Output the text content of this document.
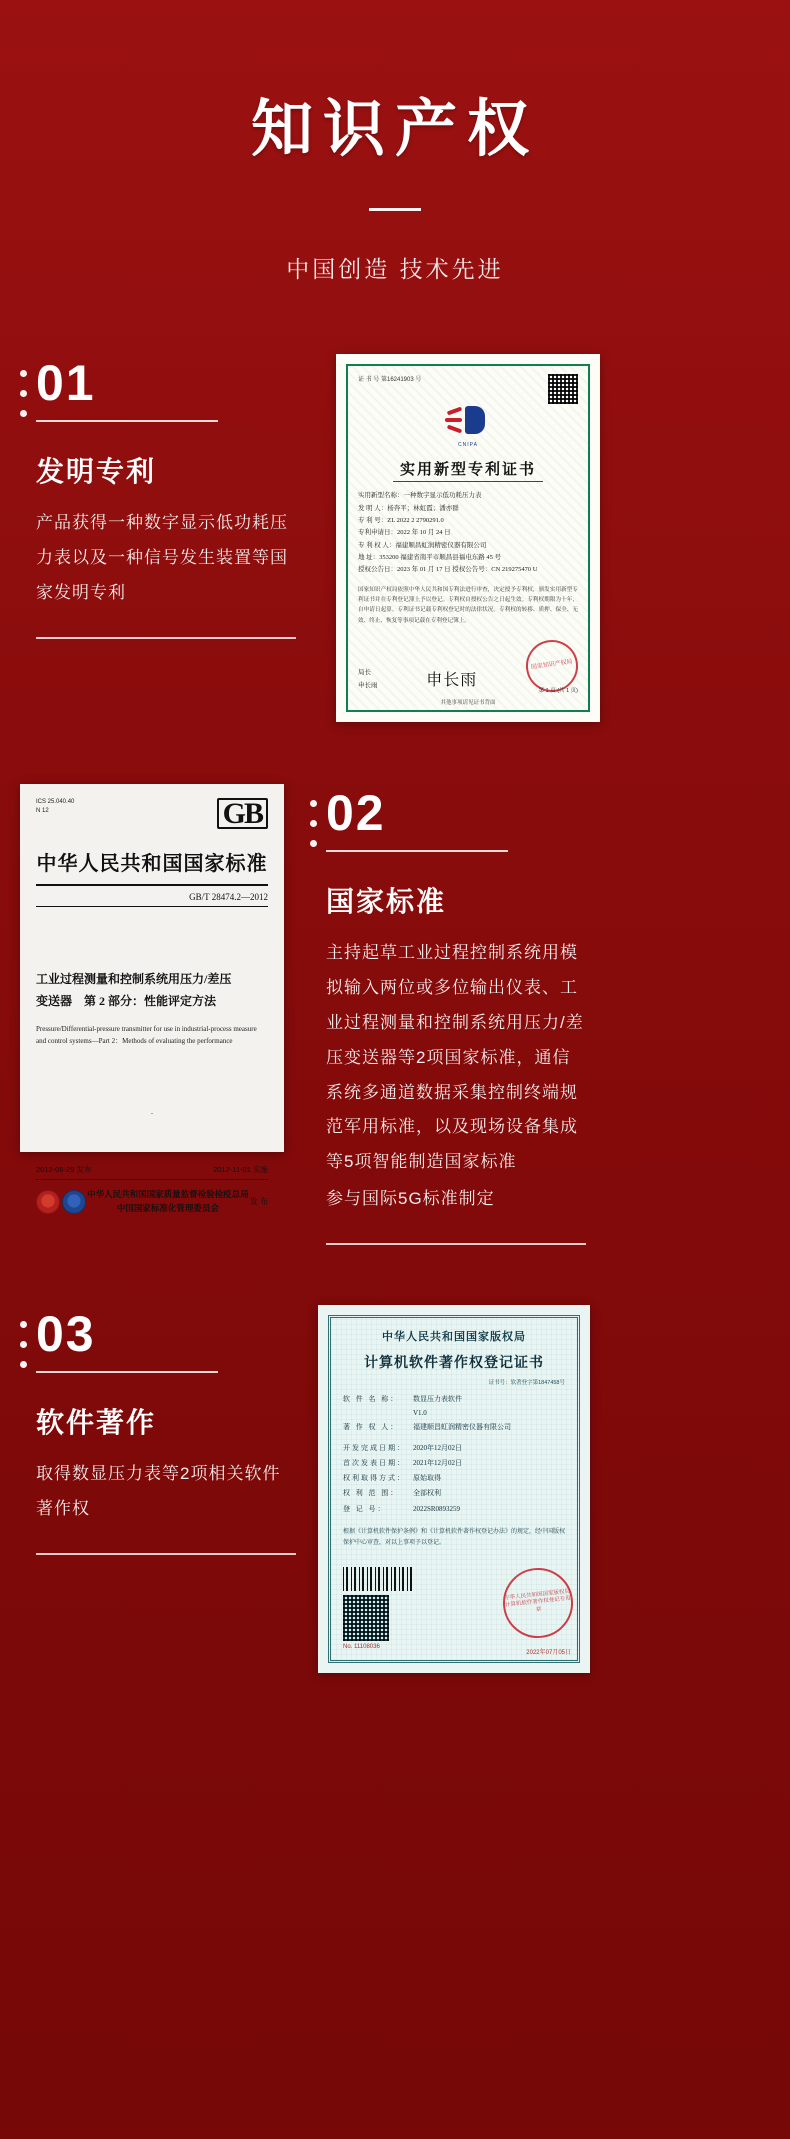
知识产权
中国创造 技术先进
01
发明专利
产品获得一种数字显示低功耗压力表以及一种信号发生装置等国家发明专利
证 书 号 第16241903 号
CNIPA
实用新型专利证书
实用新型名称：一种数字显示低功耗压力表
发 明 人：杨奔平；林虹霞；潘亦群
专 利 号：ZL 2022 2 2790291.0
专利申请日：2022 年 10 月 24 日
专 利 权 人：福建顺昌虹润精密仪器有限公司
地 址：353200 福建省南平市顺昌县福电东路 45 号
授权公告日：2023 年 01 月 17 日 授权公告号：CN 219275470 U
国家知识产权局依照中华人民共和国专利法进行审查，决定授予专利权，颁发实用新型专利证书并在专利登记簿上予以登记。专利权自授权公告之日起生效。专利权期限为十年，自申请日起算。专利证书记载专利权登记时的法律状况。专利权的转移、质押、保全、无效、终止、恢复等事项记载在专利登记簿上。
局长
申长雨	申长雨
国家知识产权局
第 1 页 (共 1 页)
其他事项请见证书背面
ICS 25.040.40
N 12	GB
中华人民共和国国家标准
GB/T 28474.2—2012
工业过程测量和控制系统用压力/差压
变送器　第 2 部分：性能评定方法
Pressure/Differential-pressure transmitter for use in industrial-process measure and control systems—Part 2：Methods of evaluating the performance
·
2012-06-29 发布	2012-11-01 实施
中华人民共和国国家质量监督检验检疫总局
中国国家标准化管理委员会
发 布
02
国家标准
主持起草工业过程控制系统用模拟输入两位或多位输出仪表、工业过程测量和控制系统用压力/差压变送器等2项国家标准，通信系统多通道数据采集控制终端规范军用标准，以及现场设备集成等5项智能制造国家标准
参与国际5G标准制定
03
软件著作
取得数显压力表等2项相关软件著作权
中华人民共和国国家版权局
计算机软件著作权登记证书
证书号：软著登字第1847458号
软 件 名 称：	数显压力表软件
V1.0
著 作 权 人：	福建顺昌虹润精密仪器有限公司
开发完成日期：	2020年12月02日
首次发表日期：	2021年12月02日
权利取得方式：	原始取得
权 利 范 围：	全部权利
登 记 号：	2022SR0893259
根据《计算机软件保护条例》和《计算机软件著作权登记办法》的规定，经中国版权保护中心审查，对以上事项予以登记。
No. 11108036
中华人民共和国国家版权局 计算机软件著作权登记专用章
2022年07月05日
